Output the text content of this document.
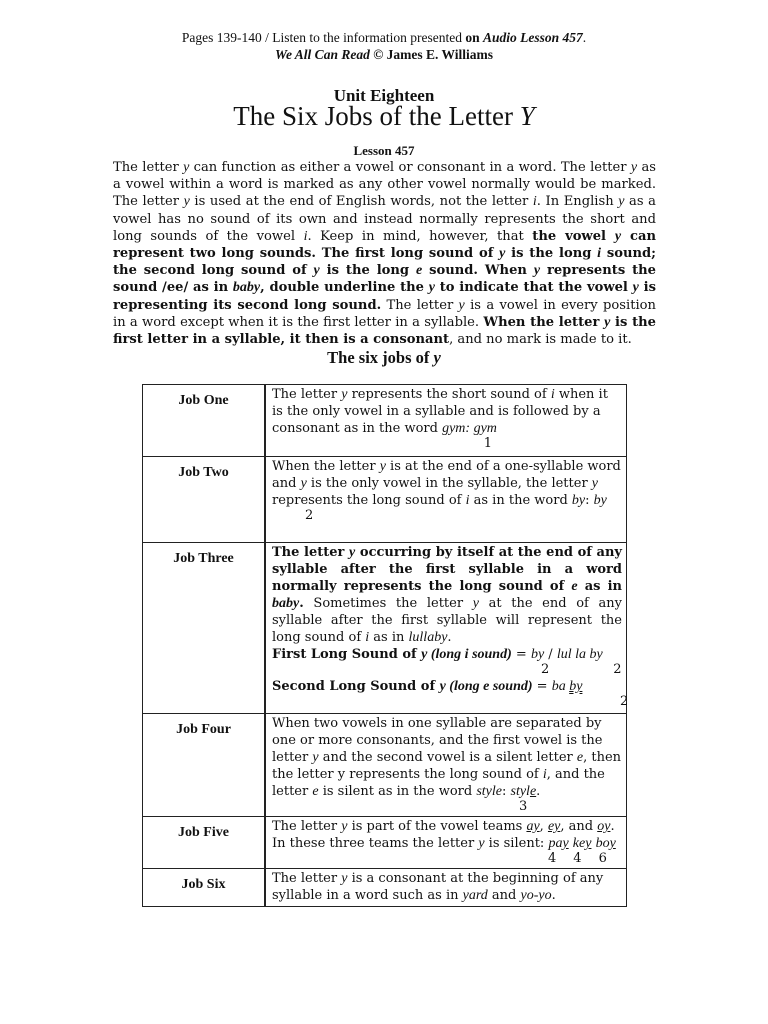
Pages 139-140 / Listen to the information presented on Audio Lesson 457.
We All Can Read © James E. Williams
Unit Eighteen
The Six Jobs of the Letter Y
Lesson 457
The letter y can function as either a vowel or consonant in a word. The letter y as a vowel within a word is marked as any other vowel normally would be marked. The letter y is used at the end of English words, not the letter i. In English y as a vowel has no sound of its own and instead normally represents the short and long sounds of the vowel i. Keep in mind, however, that the vowel y can represent two long sounds. The first long sound of y is the long i sound; the second long sound of y is the long e sound. When y represents the sound /ee/ as in baby, double underline the y to indicate that the vowel y is representing its second long sound. The letter y is a vowel in every position in a word except when it is the first letter in a syllable. When the letter y is the first letter in a syllable, it then is a consonant, and no mark is made to it.
The six jobs of y
Job One	The letter y represents the short sound of i when it is the only vowel in a syllable and is followed by a consonant as in the word gym: gym
1

Job Two	When the letter y is at the end of a one-syllable word and y is the only vowel in the syllable, the letter y represents the long sound of i as in the word by: by
2

Job Three	The letter y occurring by itself at the end of any syllable after the first syllable in a word normally represents the long sound of e as in baby. Sometimes the letter y at the end of any syllable after the first syllable will represent the long sound of i as in lullaby.
First Long Sound of y (long i sound) = by / lul la by
2 2
Second Long Sound of y (long e sound) = ba by
2

Job Four	When two vowels in one syllable are separated by one or more consonants, and the first vowel is the letter y and the second vowel is a silent letter e, then the letter y represents the long sound of i, and the letter e is silent as in the word style: style.
3

Job Five	The letter y is part of the vowel teams ay, ey, and oy.
In these three teams the letter y is silent: pay key boy
4 4 6

Job Six	The letter y is a consonant at the beginning of any syllable in a word such as in yard and yo-yo.
